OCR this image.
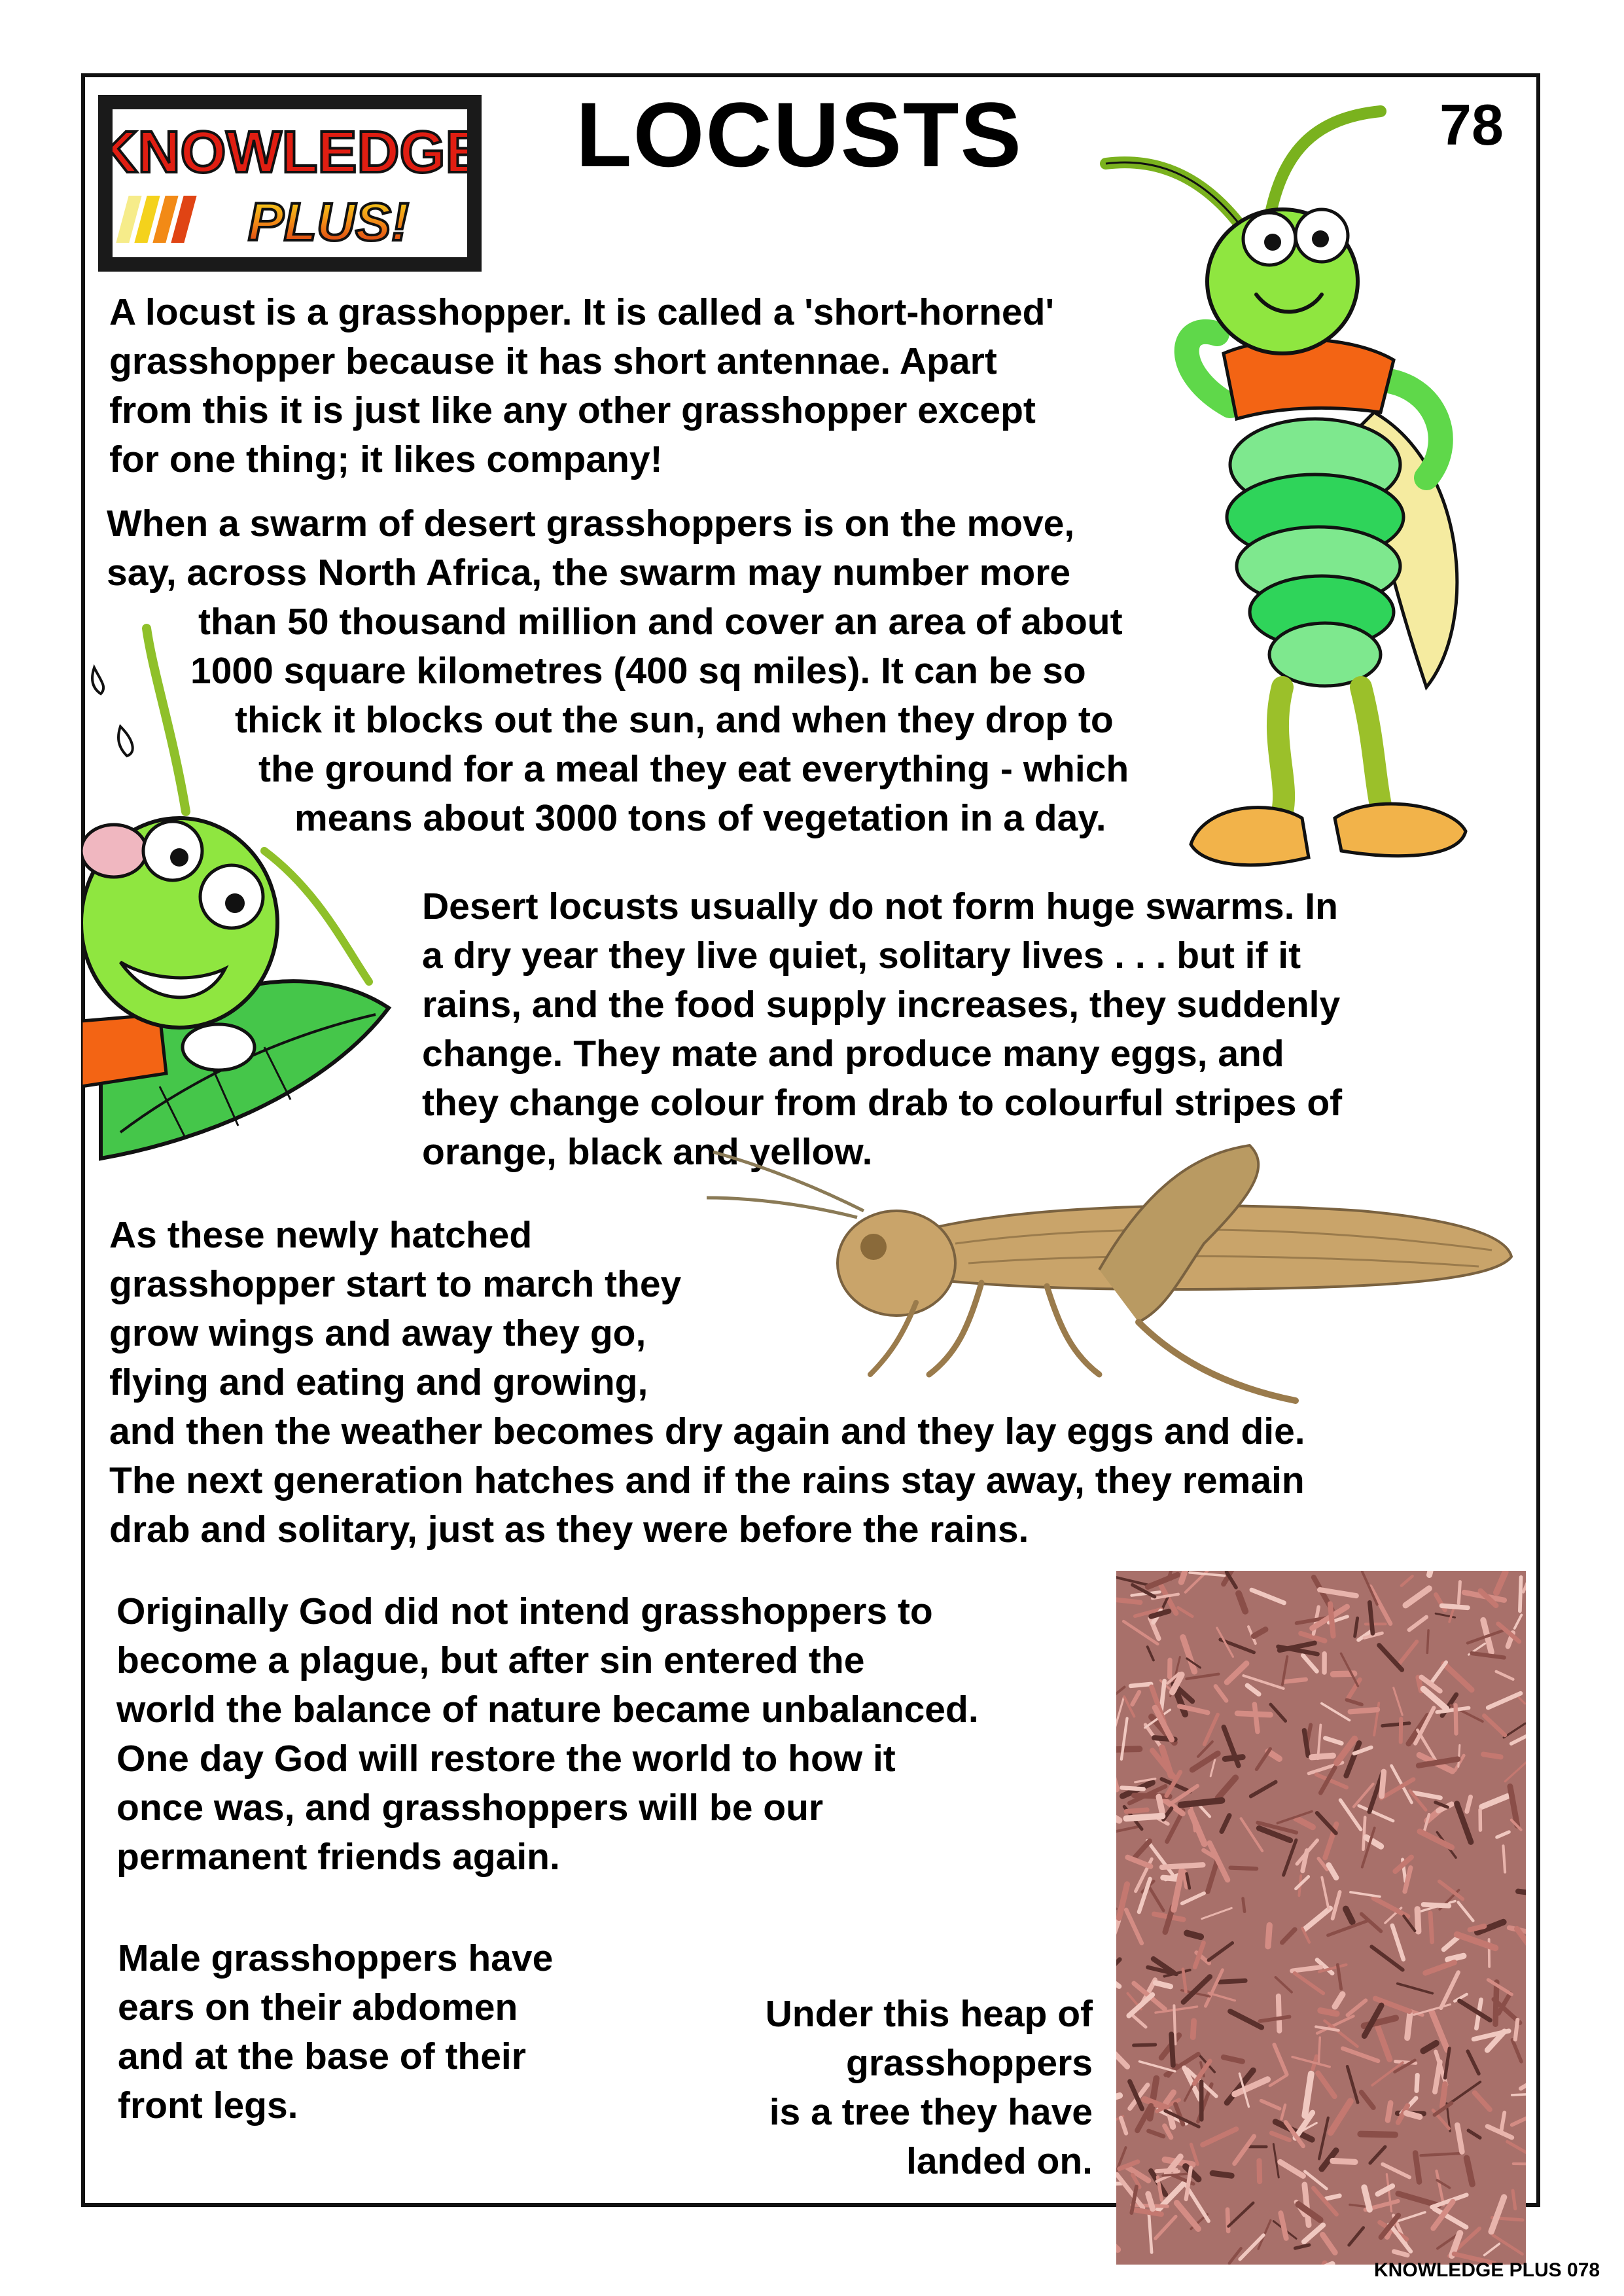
KNOWLEDGE
PLUS!
LOCUSTS	78
A locust is a grasshopper. It is called a 'short-horned'
grasshopper because it has short antennae. Apart
from this it is just like any other grasshopper except
for one thing; it likes company!
When a swarm of desert grasshoppers is on the move,
say, across North Africa, the swarm may number more
than 50 thousand million and cover an area of about
1000 square kilometres (400 sq miles). It can be so
thick it blocks out the sun, and when they drop to
the ground for a meal they eat everything - which
means about 3000 tons of vegetation in a day.
Desert locusts usually do not form huge swarms. In
a dry year they live quiet, solitary lives . . . but if it
rains, and the food supply increases, they suddenly
change. They mate and produce many eggs, and
they change colour from drab to colourful stripes of
orange, black and yellow.
As these newly hatched
grasshopper start to march they
grow wings and away they go,
flying and eating and growing,
and then the weather becomes dry again and they lay eggs and die.
The next generation hatches and if the rains stay away, they remain
drab and solitary, just as they were before the rains.
Originally God did not intend grasshoppers to
become a plague, but after sin entered the
world the balance of nature became unbalanced.
One day God will restore the world to how it
once was, and grasshoppers will be our
permanent friends again.
Male grasshoppers have
ears on their abdomen
and at the base of their
front legs.
Under this heap of
grasshoppers
is a tree they have
landed on.
KNOWLEDGE PLUS 078
